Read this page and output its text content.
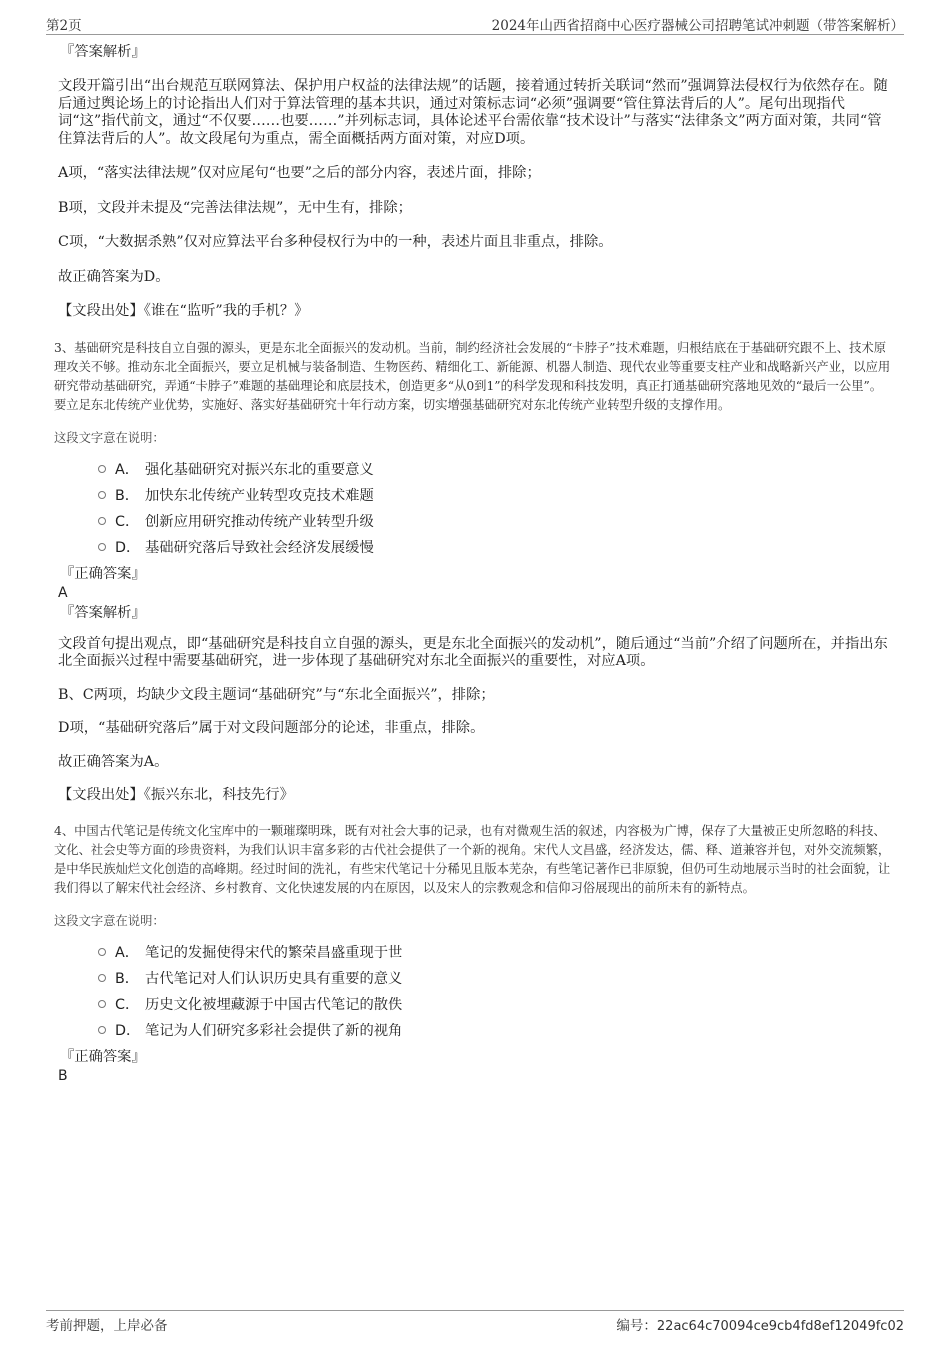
第2页	2024年山西省招商中心医疗器械公司招聘笔试冲刺题（带答案解析）

『答案解析』

文段开篇引出“出台规范互联网算法、保护用户权益的法律法规”的话题，接着通过转折关联词“然而”强调算法侵权行为依然存在。随后通过舆论场上的讨论指出人们对于算法管理的基本共识，通过对策标志词“必须”强调要“管住算法背后的人”。尾句出现指代词“这”指代前文，通过“不仅要……也要……”并列标志词，具体论述平台需依靠“技术设计”与落实“法律条文”两方面对策，共同“管住算法背后的人”。故文段尾句为重点，需全面概括两方面对策，对应D项。

A项，“落实法律法规”仅对应尾句“也要”之后的部分内容，表述片面，排除；

B项，文段并未提及“完善法律法规”，无中生有，排除；

C项，“大数据杀熟”仅对应算法平台多种侵权行为中的一种，表述片面且非重点，排除。

故正确答案为D。

【文段出处】《谁在“监听”我的手机？》

3、基础研究是科技自立自强的源头，更是东北全面振兴的发动机。当前，制约经济社会发展的“卡脖子”技术难题，归根结底在于基础研究跟不上、技术原理攻关不够。推动东北全面振兴，要立足机械与装备制造、生物医药、精细化工、新能源、机器人制造、现代农业等重要支柱产业和战略新兴产业，以应用研究带动基础研究，弄通“卡脖子”难题的基础理论和底层技术，创造更多“从0到1”的科学发现和科技发明，真正打通基础研究落地见效的“最后一公里”。要立足东北传统产业优势，实施好、落实好基础研究十年行动方案，切实增强基础研究对东北传统产业转型升级的支撑作用。

这段文字意在说明：

A． 强化基础研究对振兴东北的重要意义
B． 加快东北传统产业转型攻克技术难题
C． 创新应用研究推动传统产业转型升级
D． 基础研究落后导致社会经济发展缓慢

『正确答案』

A

『答案解析』

文段首句提出观点，即“基础研究是科技自立自强的源头，更是东北全面振兴的发动机”，随后通过“当前”介绍了问题所在，并指出东北全面振兴过程中需要基础研究，进一步体现了基础研究对东北全面振兴的重要性，对应A项。

B、C两项，均缺少文段主题词“基础研究”与“东北全面振兴”，排除；

D项，“基础研究落后”属于对文段问题部分的论述，非重点，排除。

故正确答案为A。

【文段出处】《振兴东北，科技先行》

4、中国古代笔记是传统文化宝库中的一颗璀璨明珠，既有对社会大事的记录，也有对微观生活的叙述，内容极为广博，保存了大量被正史所忽略的科技、文化、社会史等方面的珍贵资料，为我们认识丰富多彩的古代社会提供了一个新的视角。宋代人文昌盛，经济发达，儒、释、道兼容并包，对外交流频繁，是中华民族灿烂文化创造的高峰期。经过时间的洗礼，有些宋代笔记十分稀见且版本芜杂，有些笔记著作已非原貌，但仍可生动地展示当时的社会面貌，让我们得以了解宋代社会经济、乡村教育、文化快速发展的内在原因，以及宋人的宗教观念和信仰习俗展现出的前所未有的新特点。

这段文字意在说明：

A． 笔记的发掘使得宋代的繁荣昌盛重现于世
B． 古代笔记对人们认识历史具有重要的意义
C． 历史文化被埋藏源于中国古代笔记的散佚
D． 笔记为人们研究多彩社会提供了新的视角

『正确答案』

B

考前押题，上岸必备	编号：22ac64c70094ce9cb4fd8ef12049fc02
